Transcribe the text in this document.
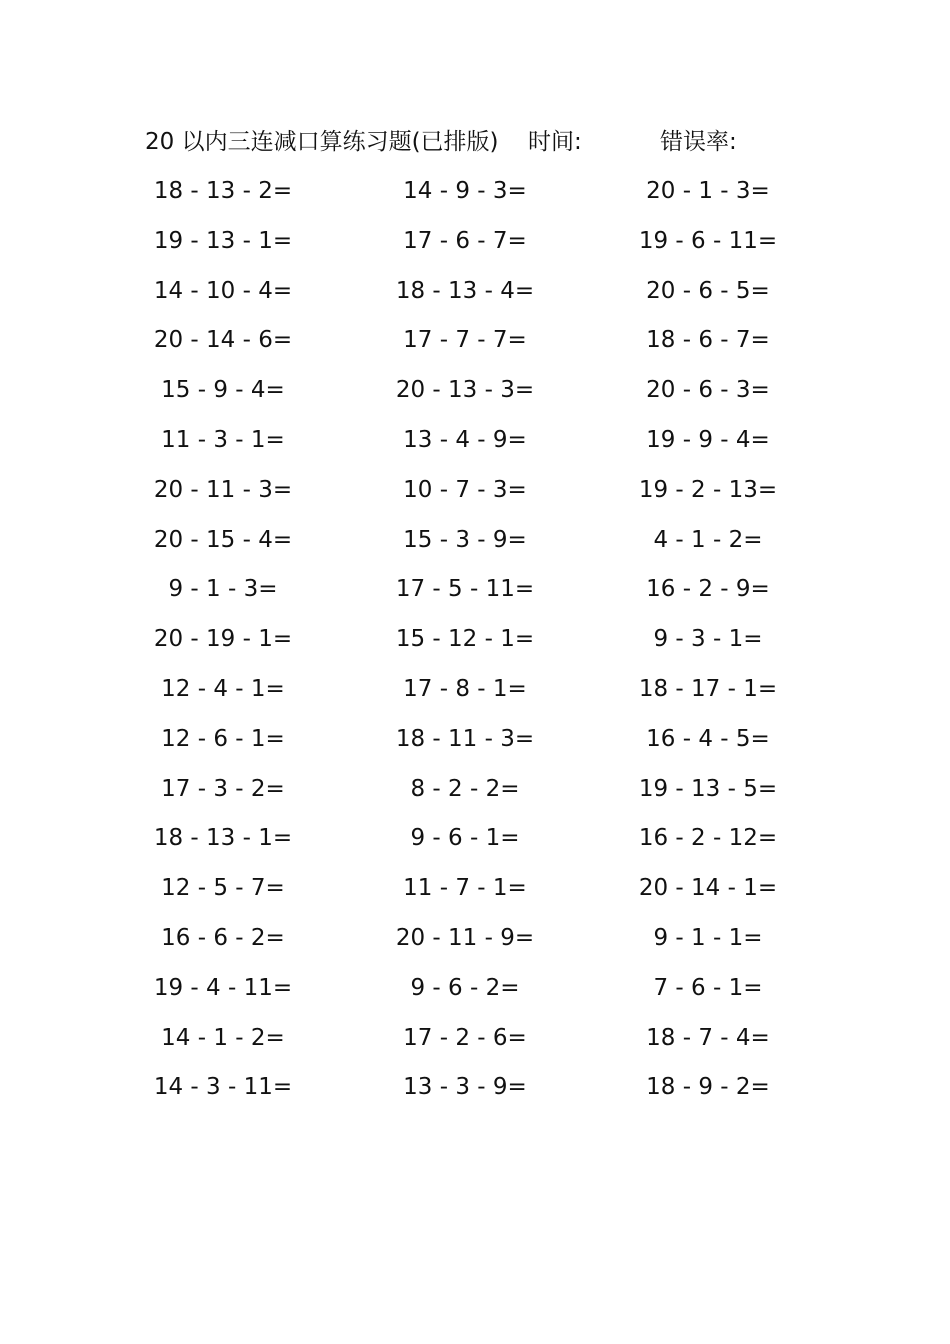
20 以内三连减口算练习题(已排版) 时间:	错误率:
18 - 13 - 2=	14 - 9 - 3=	20 - 1 - 3=
19 - 13 - 1=	17 - 6 - 7=	19 - 6 - 11=
14 - 10 - 4=	18 - 13 - 4=	20 - 6 - 5=
20 - 14 - 6=	17 - 7 - 7=	18 - 6 - 7=
15 - 9 - 4=	20 - 13 - 3=	20 - 6 - 3=
11 - 3 - 1=	13 - 4 - 9=	19 - 9 - 4=
20 - 11 - 3=	10 - 7 - 3=	19 - 2 - 13=
20 - 15 - 4=	15 - 3 - 9=	4 - 1 - 2=
9 - 1 - 3=	17 - 5 - 11=	16 - 2 - 9=
20 - 19 - 1=	15 - 12 - 1=	9 - 3 - 1=
12 - 4 - 1=	17 - 8 - 1=	18 - 17 - 1=
12 - 6 - 1=	18 - 11 - 3=	16 - 4 - 5=
17 - 3 - 2=	8 - 2 - 2=	19 - 13 - 5=
18 - 13 - 1=	9 - 6 - 1=	16 - 2 - 12=
12 - 5 - 7=	11 - 7 - 1=	20 - 14 - 1=
16 - 6 - 2=	20 - 11 - 9=	9 - 1 - 1=
19 - 4 - 11=	9 - 6 - 2=	7 - 6 - 1=
14 - 1 - 2=	17 - 2 - 6=	18 - 7 - 4=
14 - 3 - 11=	13 - 3 - 9=	18 - 9 - 2=
